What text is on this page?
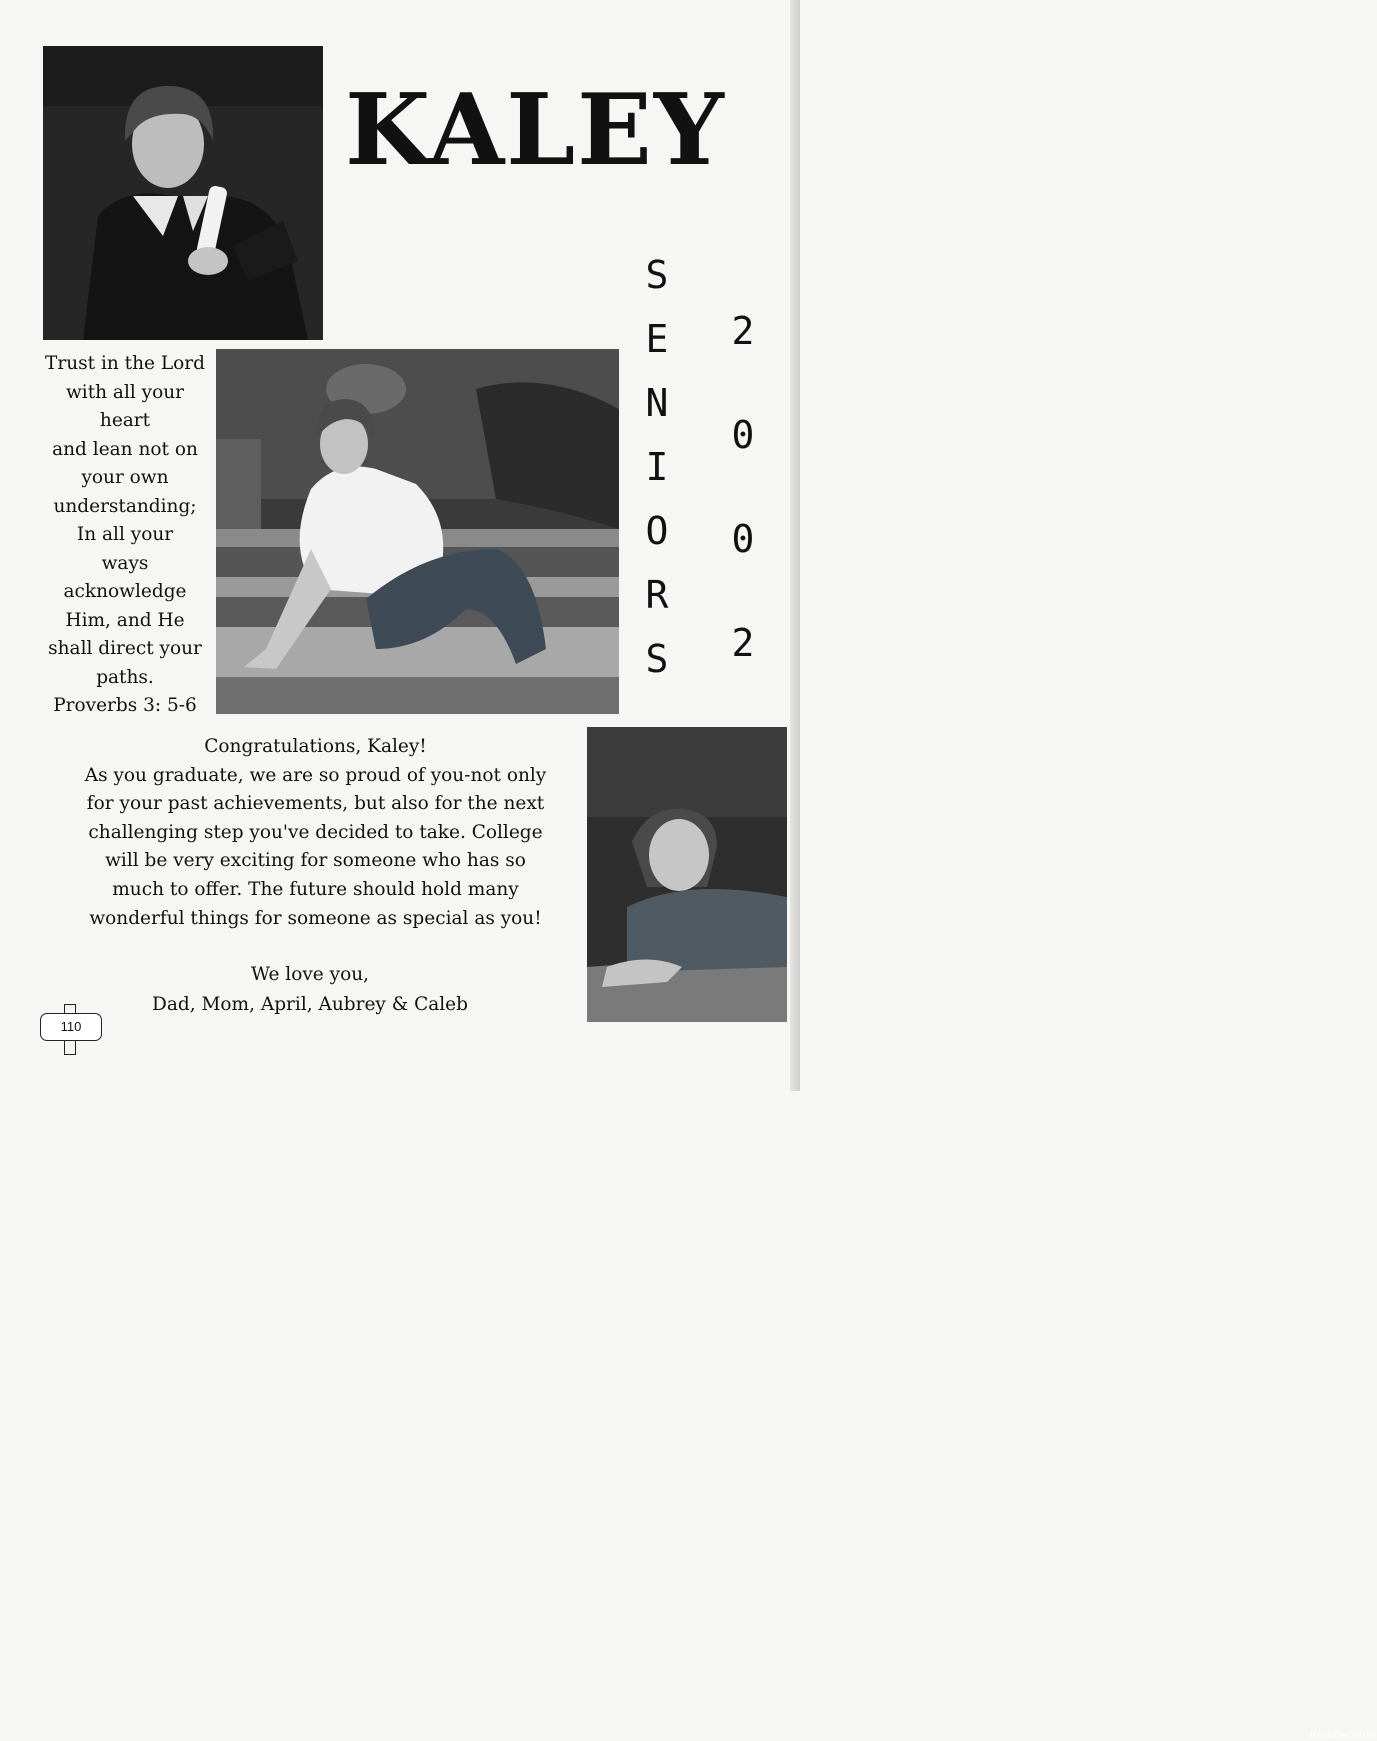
KALEY
S
E
N
I
O
R
S
2
0
0
2
Trust in the Lord
with all your
heart
and lean not on
your own
understanding;
In all your
ways
acknowledge
Him, and He
shall direct your
paths.
Proverbs 3: 5-6
Congratulations, Kaley!
As you graduate, we are so proud of you-not only
for your past achievements, but also for the next
challenging step you've decided to take. College
will be very exciting for someone who has so
much to offer. The future should hold many
wonderful things for someone as special as you!
We love you,
Dad, Mom, April, Aubrey & Caleb
Recollections
110
